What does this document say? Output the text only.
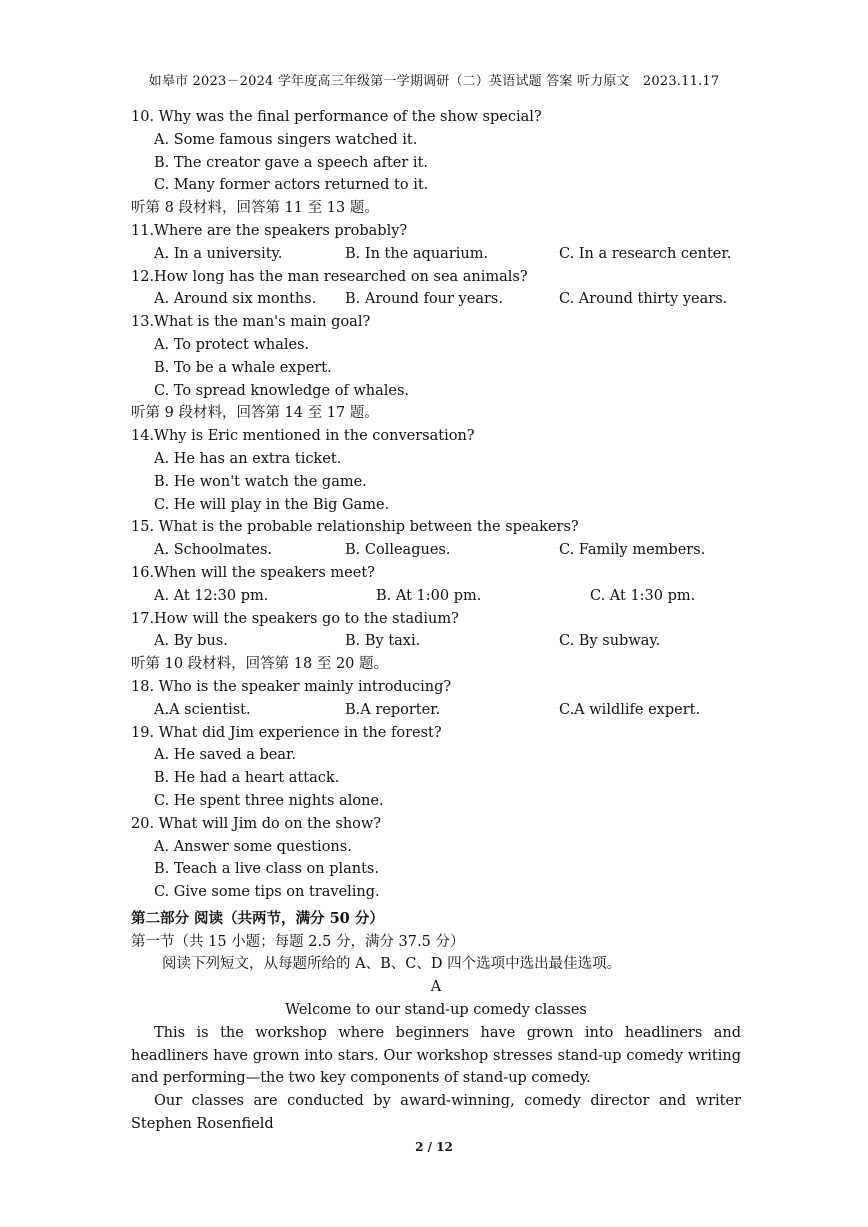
如皋市 2023－2024 学年度高三年级第一学期调研（二）英语试题 答案 听力原文　2023.11.17
10. Why was the final performance of the show special?
A. Some famous singers watched it.
B. The creator gave a speech after it.
C. Many former actors returned to it.
听第 8 段材料，回答第 11 至 13 题。
11.Where are the speakers probably?
A. In a university.	B. In the aquarium.	C. In a research center.
12.How long has the man researched on sea animals?
A. Around six months.	B. Around four years.	C. Around thirty years.
13.What is the man's main goal?
A. To protect whales.
B. To be a whale expert.
C. To spread knowledge of whales.
听第 9 段材料，回答第 14 至 17 题。
14.Why is Eric mentioned in the conversation?
A. He has an extra ticket.
B. He won't watch the game.
C. He will play in the Big Game.
15. What is the probable relationship between the speakers?
A. Schoolmates.	B. Colleagues.	C. Family members.
16.When will the speakers meet?
A. At 12:30 pm.	B. At 1:00 pm.	C. At 1:30 pm.
17.How will the speakers go to the stadium?
A. By bus.	B. By taxi.	C. By subway.
听第 10 段材料，回答第 18 至 20 题。
18. Who is the speaker mainly introducing?
A.A scientist.	B.A reporter.	C.A wildlife expert.
19. What did Jim experience in the forest?
A. He saved a bear.
B. He had a heart attack.
C. He spent three nights alone.
20. What will Jim do on the show?
A. Answer some questions.
B. Teach a live class on plants.
C. Give some tips on traveling.
第二部分 阅读（共两节，满分 50 分）
第一节（共 15 小题；每题 2.5 分，满分 37.5 分）
阅读下列短文，从每题所给的 A、B、C、D 四个选项中选出最佳选项。
A
Welcome to our stand-up comedy classes
This is the workshop where beginners have grown into headliners and headliners have grown into stars. Our workshop stresses stand-up comedy writing and performing—the two key components of stand-up comedy.
Our classes are conducted by award-winning, comedy director and writer Stephen Rosenfield
2 / 12
